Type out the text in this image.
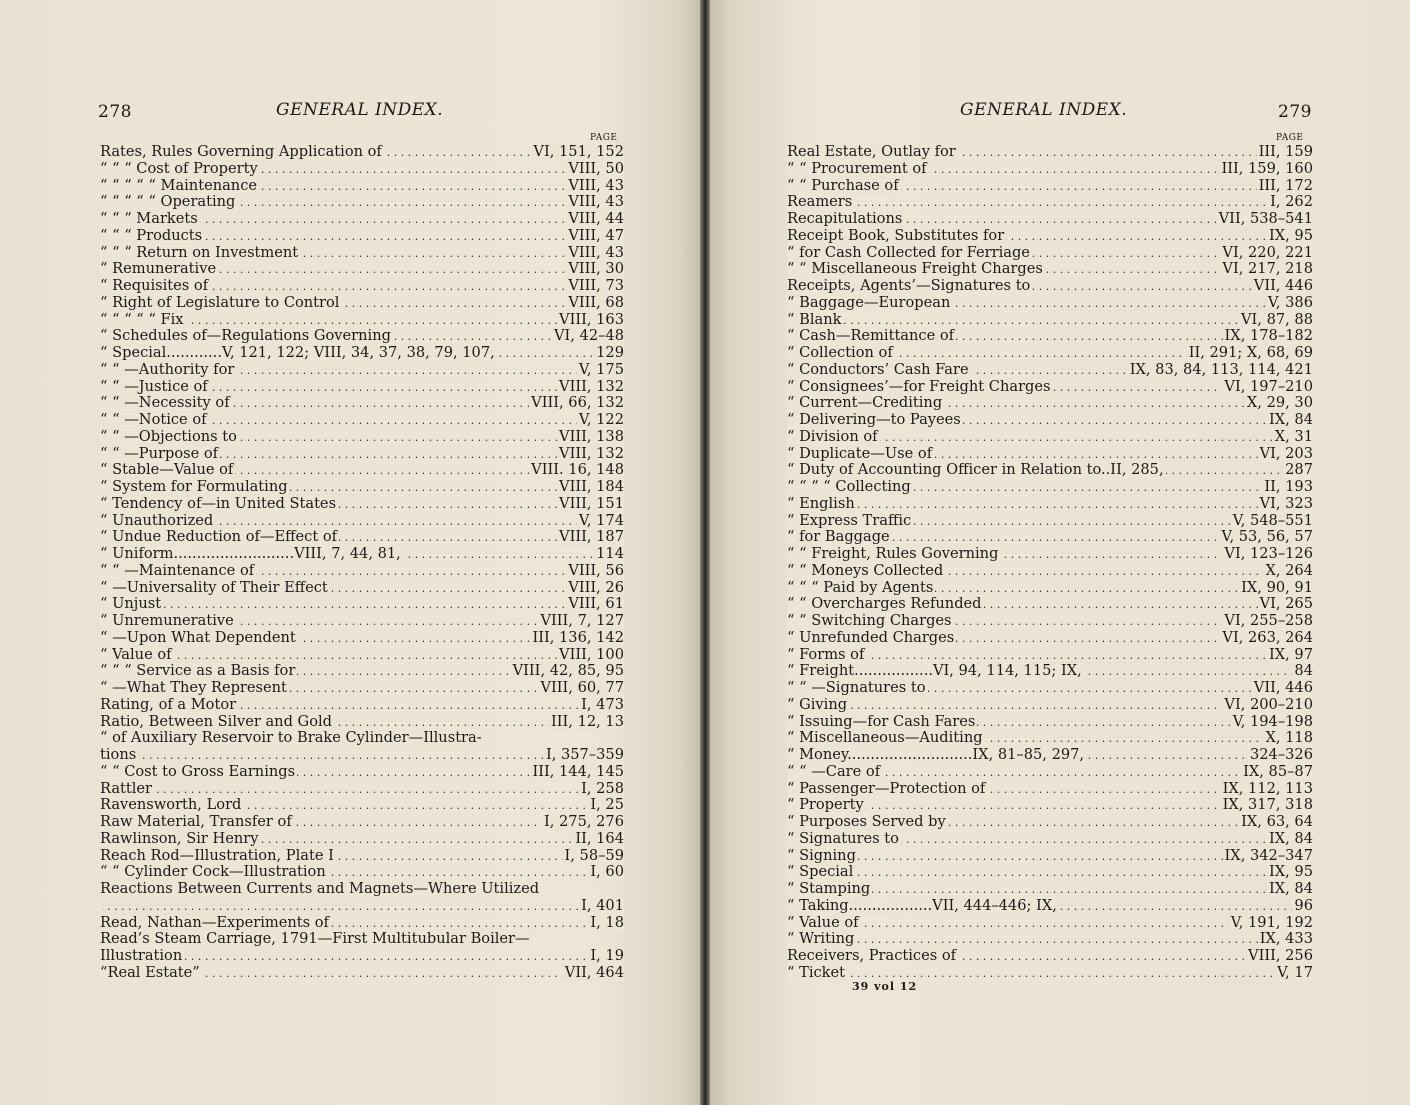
278	GENERAL INDEX.
PAGE
. . .
Rates, Rules Governing Application of	VI, 151, 152
. . .
“ “ “ Cost of Property	VIII, 50
. . .
“ “ “ “ “ Maintenance	VIII, 43
. . .
“ “ “ “ “ Operating	VIII, 43
. . .
“ “ “ Markets	VIII, 44
. . .
“ “ “ Products	VIII, 47
. . .
“ “ “ Return on Investment	VIII, 43
. . .
“ Remunerative	VIII, 30
. . .
“ Requisites of	VIII, 73
. . .
“ Right of Legislature to Control	VIII, 68
. . .
“ “ “ “ “ Fix	VIII, 163
. . .
“ Schedules of—Regulations Governing	VI, 42–48
. . .
“ Special............V, 121, 122; VIII, 34, 37, 38, 79, 107,	129
. . .
“ “ —Authority for	V, 175
. . .
“ “ —Justice of	VIII, 132
. . .
“ “ —Necessity of	VIII, 66, 132
. . .
“ “ —Notice of	V, 122
. . .
“ “ —Objections to	VIII, 138
. . .
“ “ —Purpose of	VIII, 132
. . .
“ Stable—Value of	VIII. 16, 148
. . .
“ System for Formulating	VIII, 184
. . .
“ Tendency of—in United States	VIII, 151
. . .
“ Unauthorized	V, 174
. . .
“ Undue Reduction of—Effect of	VIII, 187
. . .
“ Uniform..........................VIII, 7, 44, 81,	114
. . .
“ “ —Maintenance of	VIII, 56
. . .
“ —Universality of Their Effect	VIII, 26
. . .
“ Unjust	VIII, 61
. . .
“ Unremunerative	VIII, 7, 127
. . .
“ —Upon What Dependent	III, 136, 142
. . .
“ Value of	VIII, 100
. . .
“ “ “ Service as a Basis for	VIII, 42, 85, 95
. . .
“ —What They Represent	VIII, 60, 77
. . .
Rating, of a Motor	I, 473
. . .
Ratio, Between Silver and Gold	III, 12, 13
“ of Auxiliary Reservoir to Brake Cylinder—Illustra-
. . .
tions	I, 357–359
. . .
“ “ Cost to Gross Earnings	III, 144, 145
. . .
Rattler	I, 258
. . .
Ravensworth, Lord	I, 25
. . .
Raw Material, Transfer of	I, 275, 276
. . .
Rawlinson, Sir Henry	II, 164
. . .
Reach Rod—Illustration, Plate I	I, 58–59
. . .
“ “ Cylinder Cock—Illustration	I, 60
Reactions Between Currents and Magnets—Where Utilized
. . .
I, 401
. . .
Read, Nathan—Experiments of	I, 18
Read’s Steam Carriage, 1791—First Multitubular Boiler—
. . .
Illustration	I, 19
. . .
“Real Estate”	VII, 464
GENERAL INDEX.	279
PAGE
. . .
Real Estate, Outlay for	III, 159
. . .
“ “ Procurement of	III, 159, 160
. . .
“ “ Purchase of	III, 172
. . .
Reamers	I, 262
. . .
Recapitulations	VII, 538–541
. . .
Receipt Book, Substitutes for	IX, 95
. . .
“ for Cash Collected for Ferriage	VI, 220, 221
. . .
“ “ Miscellaneous Freight Charges	VI, 217, 218
. . .
Receipts, Agents’—Signatures to	VII, 446
. . .
“ Baggage—European	V, 386
. . .
“ Blank	VI, 87, 88
. . .
“ Cash—Remittance of	IX, 178–182
. . .
“ Collection of	II, 291; X, 68, 69
. . .
“ Conductors’ Cash Fare	IX, 83, 84, 113, 114, 421
. . .
“ Consignees’—for Freight Charges	VI, 197–210
. . .
“ Current—Crediting	X, 29, 30
. . .
“ Delivering—to Payees	IX, 84
. . .
“ Division of	X, 31
. . .
“ Duplicate—Use of	VI, 203
. . .
“ Duty of Accounting Officer in Relation to..II, 285,	287
. . .
“ “ “ “ Collecting	II, 193
. . .
“ English	VI, 323
. . .
“ Express Traffic	V, 548–551
. . .
“ for Baggage	V, 53, 56, 57
. . .
“ “ Freight, Rules Governing	VI, 123–126
. . .
“ “ Moneys Collected	X, 264
. . .
“ “ “ Paid by Agents	IX, 90, 91
. . .
“ “ Overcharges Refunded	VI, 265
. . .
“ “ Switching Charges	VI, 255–258
. . .
“ Unrefunded Charges	VI, 263, 264
. . .
“ Forms of	IX, 97
. . .
“ Freight.................VI, 94, 114, 115; IX,	84
. . .
“ “ —Signatures to	VII, 446
. . .
“ Giving	VI, 200–210
. . .
“ Issuing—for Cash Fares	V, 194–198
. . .
“ Miscellaneous—Auditing	X, 118
. . .
“ Money...........................IX, 81–85, 297,	324–326
. . .
“ “ —Care of	IX, 85–87
. . .
“ Passenger—Protection of	IX, 112, 113
. . .
“ Property	IX, 317, 318
. . .
“ Purposes Served by	IX, 63, 64
. . .
“ Signatures to	IX, 84
. . .
“ Signing	IX, 342–347
. . .
“ Special	IX, 95
. . .
“ Stamping	IX, 84
. . .
“ Taking..................VII, 444–446; IX,	96
. . .
“ Value of	V, 191, 192
. . .
“ Writing	IX, 433
. . .
Receivers, Practices of	VIII, 256
. . .
“ Ticket	V, 17
39 vol 12
